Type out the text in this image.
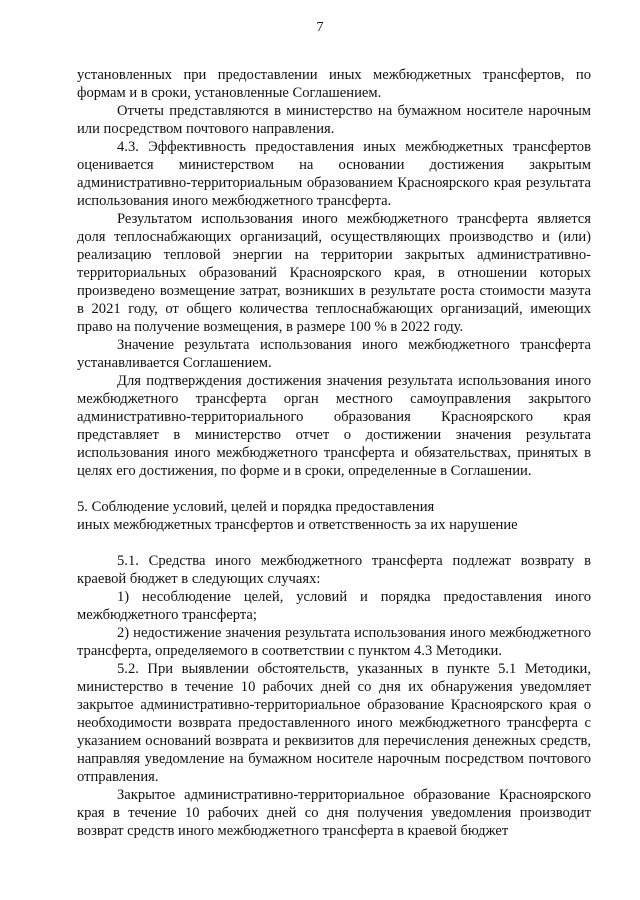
7

установленных при предоставлении иных межбюджетных трансфертов, по формам и в сроки, установленные Соглашением.

Отчеты представляются в министерство на бумажном носителе нарочным или посредством почтового направления.

4.3. Эффективность предоставления иных межбюджетных трансфертов оценивается министерством на основании достижения закрытым административно-территориальным образованием Красноярского края результата использования иного межбюджетного трансферта.

Результатом использования иного межбюджетного трансферта является доля теплоснабжающих организаций, осуществляющих производство и (или) реализацию тепловой энергии на территории закрытых административно-территориальных образований Красноярского края, в отношении которых произведено возмещение затрат, возникших в результате роста стоимости мазута в 2021 году, от общего количества теплоснабжающих организаций, имеющих право на получение возмещения, в размере 100 % в 2022 году.

Значение результата использования иного межбюджетного трансферта устанавливается Соглашением.

Для подтверждения достижения значения результата использования иного межбюджетного трансферта орган местного самоуправления закрытого административно-территориального образования Красноярского края представляет в министерство отчет о достижении значения результата использования иного межбюджетного трансферта и обязательствах, принятых в целях его достижения, по форме и в сроки, определенные в Соглашении.

5. Соблюдение условий, целей и порядка предоставления
иных межбюджетных трансфертов и ответственность за их нарушение

5.1. Средства иного межбюджетного трансферта подлежат возврату в краевой бюджет в следующих случаях:

1) несоблюдение целей, условий и порядка предоставления иного межбюджетного трансферта;

2) недостижение значения результата использования иного межбюджетного трансферта, определяемого в соответствии с пунктом 4.3 Методики.

5.2. При выявлении обстоятельств, указанных в пункте 5.1 Методики, министерство в течение 10 рабочих дней со дня их обнаружения уведомляет закрытое административно-территориальное образование Красноярского края о необходимости возврата предоставленного иного межбюджетного трансферта с указанием оснований возврата и реквизитов для перечисления денежных средств, направляя уведомление на бумажном носителе нарочным посредством почтового отправления.

Закрытое административно-территориальное образование Красноярского края в течение 10 рабочих дней со дня получения уведомления производит возврат средств иного межбюджетного трансферта в краевой бюджет
